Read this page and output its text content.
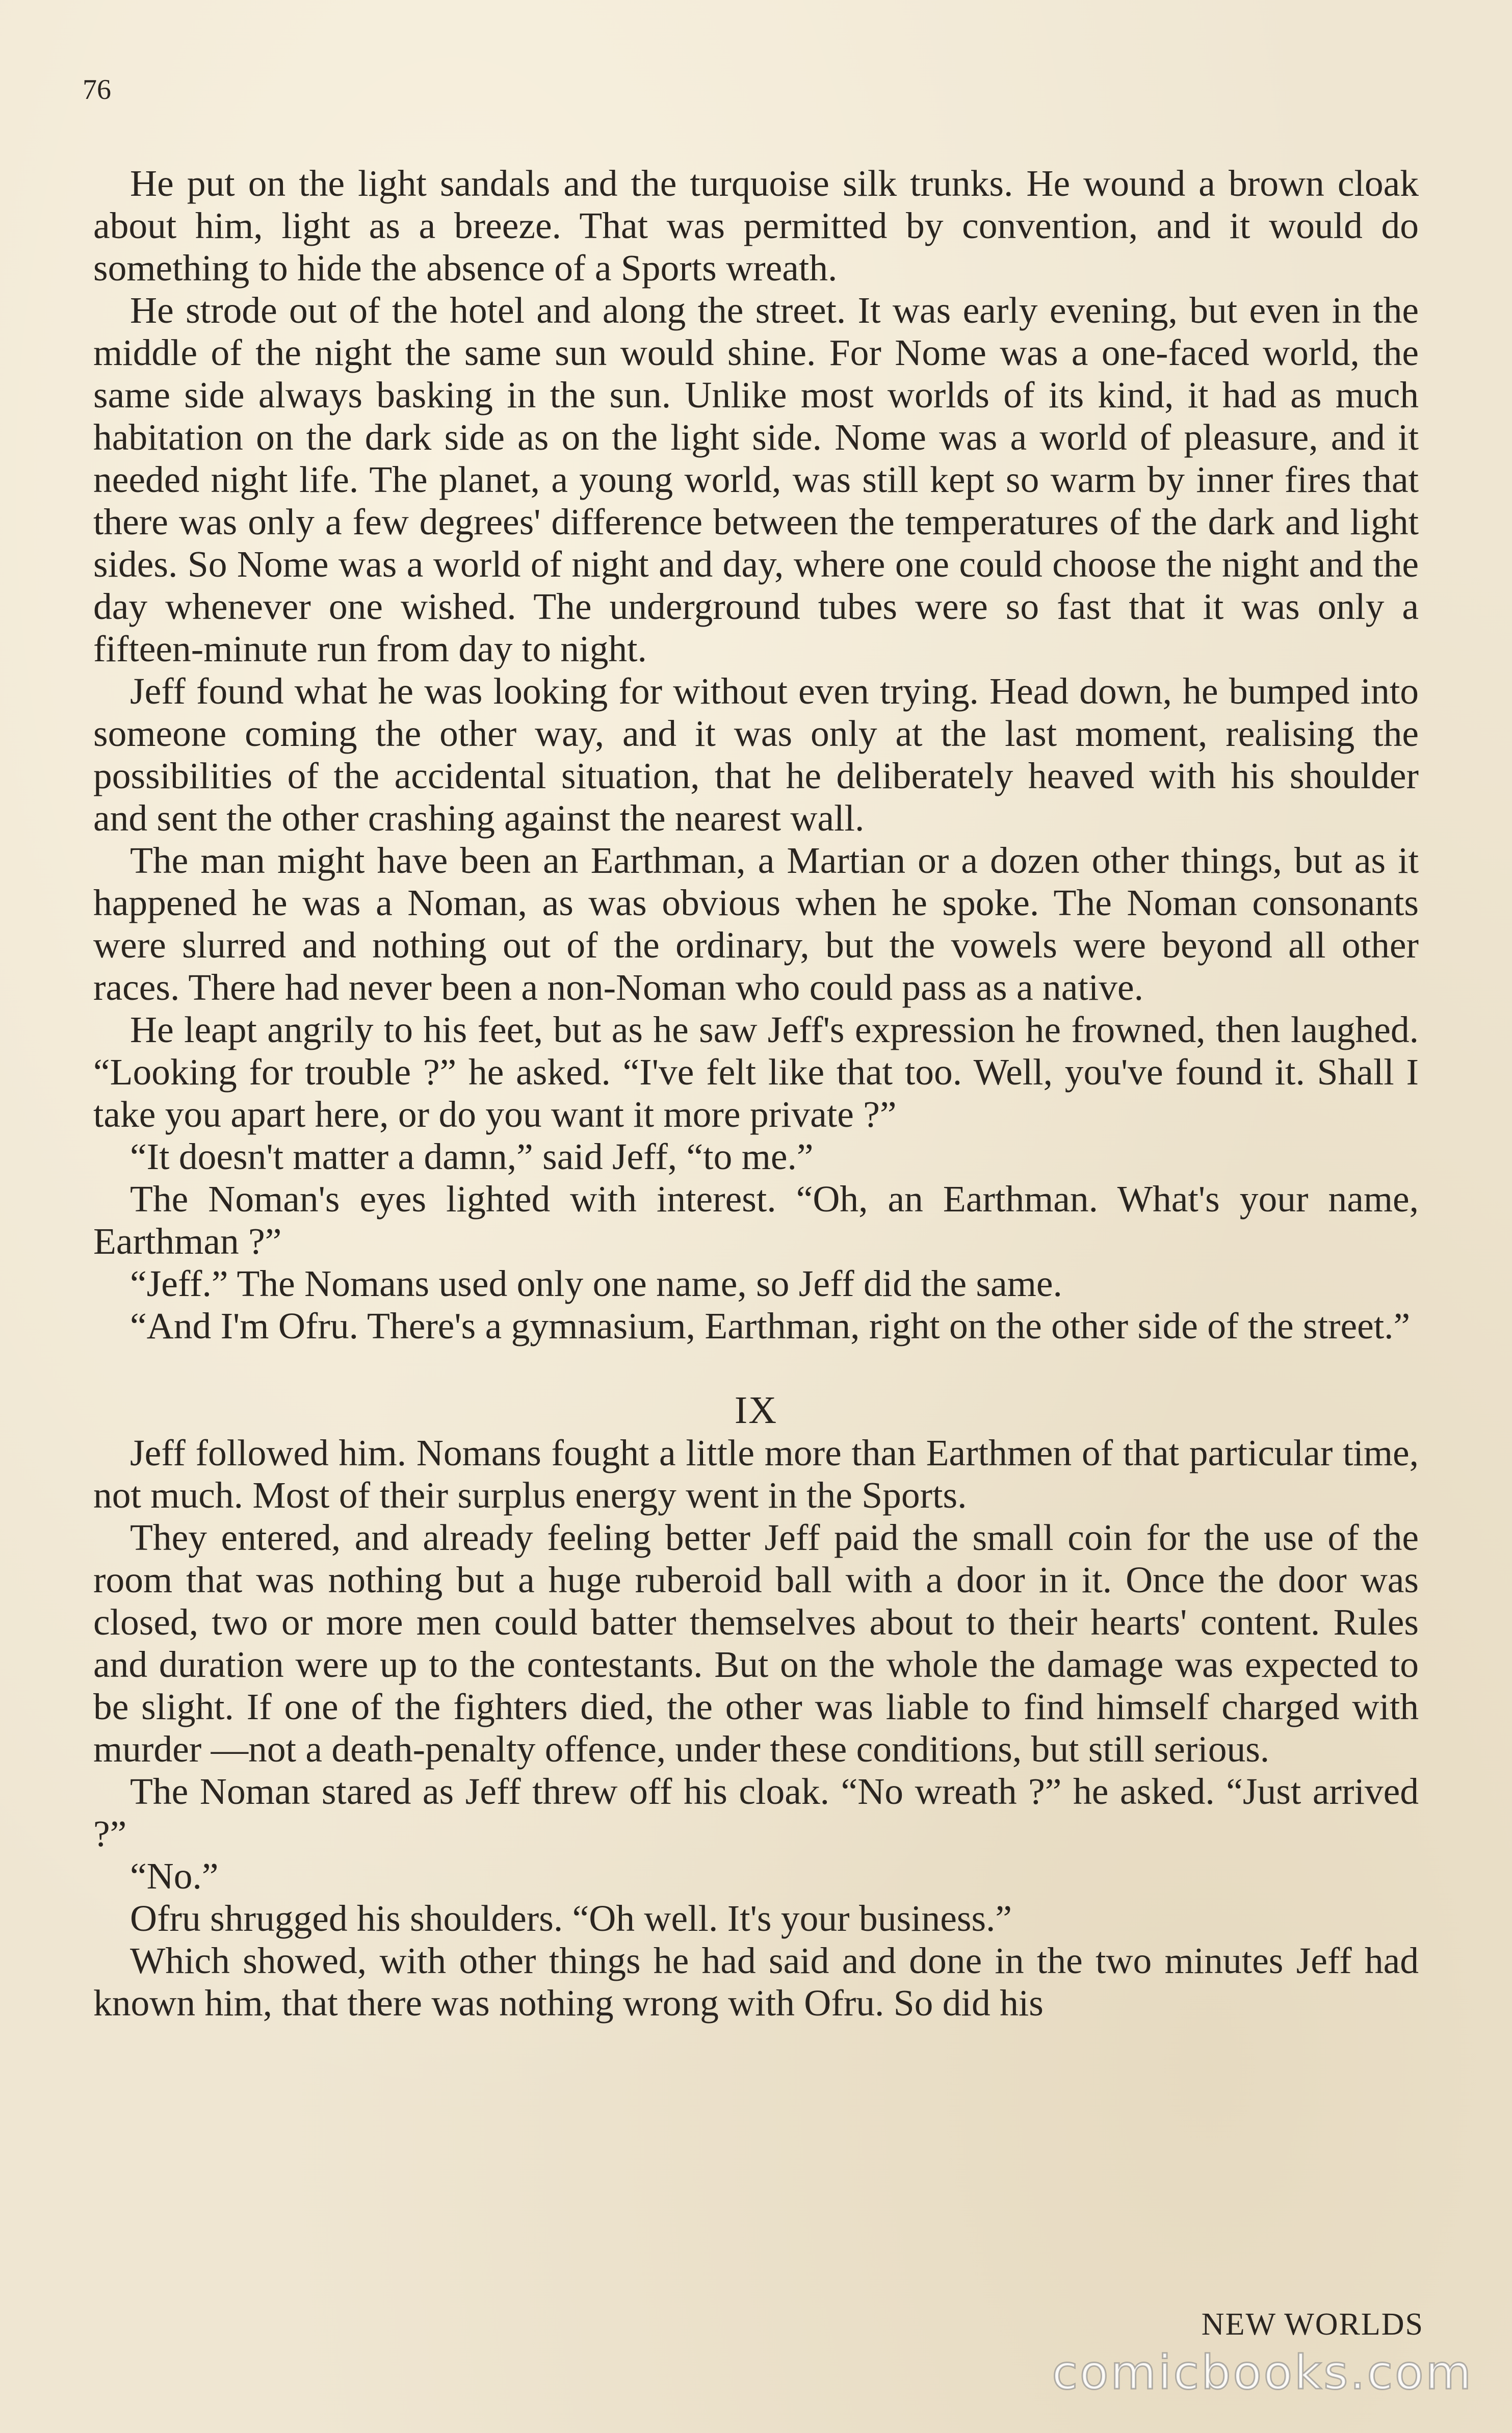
76

He put on the light sandals and the turquoise silk trunks. He wound a brown cloak about him, light as a breeze. That was permitted by convention, and it would do something to hide the absence of a Sports wreath.

He strode out of the hotel and along the street. It was early evening, but even in the middle of the night the same sun would shine. For Nome was a one-faced world, the same side always basking in the sun. Unlike most worlds of its kind, it had as much habitation on the dark side as on the light side. Nome was a world of pleasure, and it needed night life. The planet, a young world, was still kept so warm by inner fires that there was only a few degrees' difference between the temperatures of the dark and light sides. So Nome was a world of night and day, where one could choose the night and the day whenever one wished. The underground tubes were so fast that it was only a fifteen-minute run from day to night.

Jeff found what he was looking for without even trying. Head down, he bumped into someone coming the other way, and it was only at the last moment, realising the possibilities of the accidental situation, that he deliberately heaved with his shoulder and sent the other crashing against the nearest wall.

The man might have been an Earthman, a Martian or a dozen other things, but as it happened he was a Noman, as was obvious when he spoke. The Noman consonants were slurred and nothing out of the ordinary, but the vowels were beyond all other races. There had never been a non-Noman who could pass as a native.

He leapt angrily to his feet, but as he saw Jeff's expression he frowned, then laughed. “Looking for trouble ?” he asked. “I've felt like that too. Well, you've found it. Shall I take you apart here, or do you want it more private ?”

“It doesn't matter a damn,” said Jeff, “to me.”

The Noman's eyes lighted with interest. “Oh, an Earthman. What's your name, Earthman ?”

“Jeff.” The Nomans used only one name, so Jeff did the same.

“And I'm Ofru. There's a gymnasium, Earthman, right on the other side of the street.”

IX

Jeff followed him. Nomans fought a little more than Earthmen of that particular time, not much. Most of their surplus energy went in the Sports.

They entered, and already feeling better Jeff paid the small coin for the use of the room that was nothing but a huge ruberoid ball with a door in it. Once the door was closed, two or more men could batter themselves about to their hearts' content. Rules and duration were up to the contestants. But on the whole the damage was expected to be slight. If one of the fighters died, the other was liable to find himself charged with murder —not a death-penalty offence, under these conditions, but still serious.

The Noman stared as Jeff threw off his cloak. “No wreath ?” he asked. “Just arrived ?”

“No.”

Ofru shrugged his shoulders. “Oh well. It's your business.”

Which showed, with other things he had said and done in the two minutes Jeff had known him, that there was nothing wrong with Ofru. So did his

NEW WORLDS
comicbooks.com
